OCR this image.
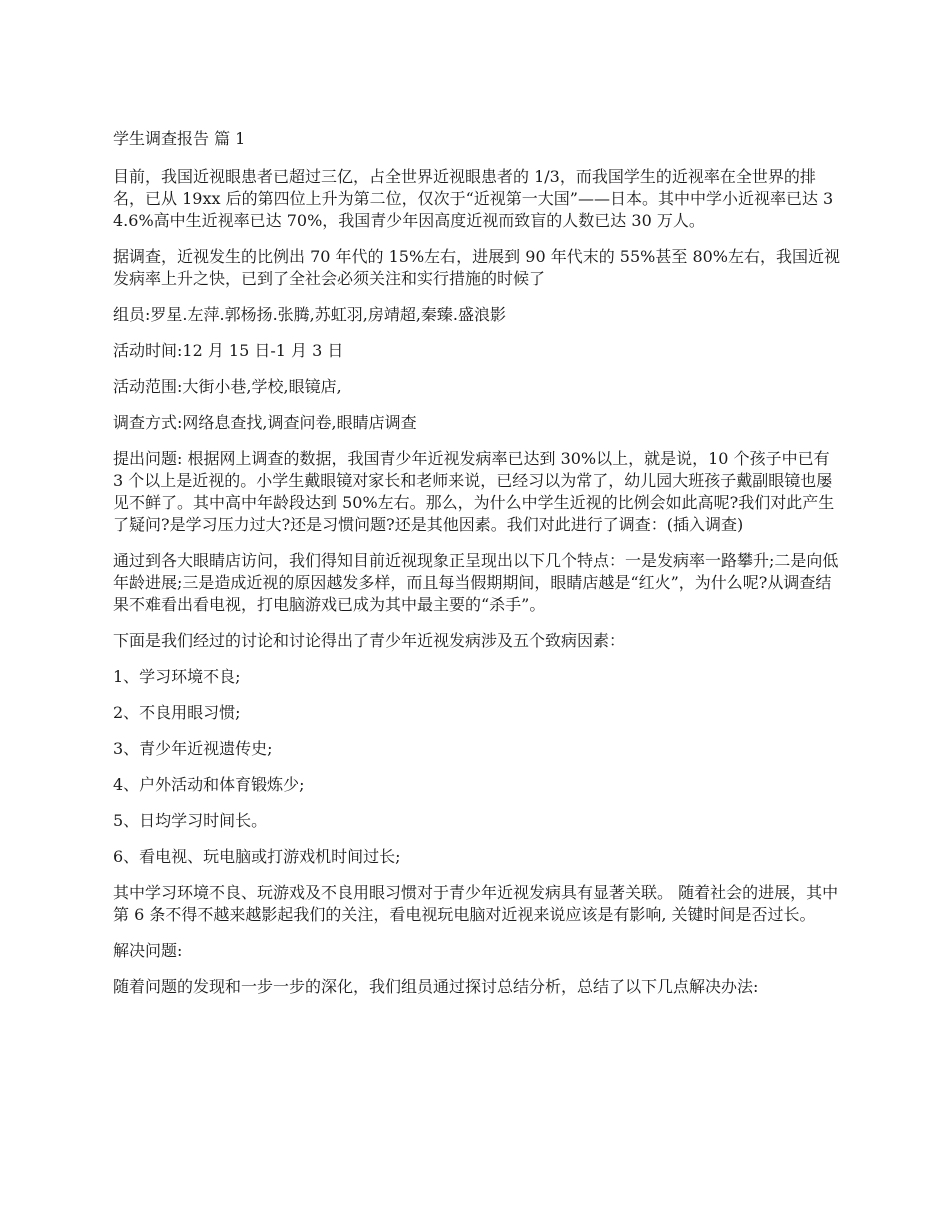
学生调查报告 篇 1

目前，我国近视眼患者已超过三亿，占全世界近视眼患者的 1/3，而我国学生的近视率在全世界的排名，已从 19xx 后的第四位上升为第二位，仅次于“近视第一大国”——日本。其中中学小近视率已达 34.6%高中生近视率已达 70%，我国青少年因高度近视而致盲的人数已达 30 万人。

据调查，近视发生的比例出 70 年代的 15%左右，进展到 90 年代末的 55%甚至 80%左右，我国近视发病率上升之快，已到了全社会必须关注和实行措施的时候了

组员:罗星.左萍.郭杨扬.张腾,苏虹羽,房靖超,秦臻.盛浪影

活动时间:12 月 15 日-1 月 3 日

活动范围:大街小巷,学校,眼镜店,

调查方式:网络息查找,调查问卷,眼睛店调查

提出问题: 根据网上调查的数据，我国青少年近视发病率已达到 30%以上，就是说，10 个孩子中已有 3 个以上是近视的。小学生戴眼镜对家长和老师来说，已经习以为常了，幼儿园大班孩子戴副眼镜也屡见不鲜了。其中高中年龄段达到 50%左右。那么，为什么中学生近视的比例会如此高呢?我们对此产生了疑问?是学习压力过大?还是习惯问题?还是其他因素。我们对此进行了调查：(插入调查)

通过到各大眼睛店访问，我们得知目前近视现象正呈现出以下几个特点：一是发病率一路攀升;二是向低年龄进展;三是造成近视的原因越发多样，而且每当假期期间，眼睛店越是“红火”，为什么呢?从调查结果不难看出看电视，打电脑游戏已成为其中最主要的“杀手”。

下面是我们经过的讨论和讨论得出了青少年近视发病涉及五个致病因素：

1、学习环境不良;

2、不良用眼习惯;

3、青少年近视遗传史;

4、户外活动和体育锻炼少;

5、日均学习时间长。

6、看电视、玩电脑或打游戏机时间过长;

其中学习环境不良、玩游戏及不良用眼习惯对于青少年近视发病具有显著关联。 随着社会的进展，其中第 6 条不得不越来越影起我们的关注，看电视玩电脑对近视来说应该是有影响, 关键时间是否过长。

解决问题:

随着问题的发现和一步一步的深化，我们组员通过探讨总结分析，总结了以下几点解决办法:
